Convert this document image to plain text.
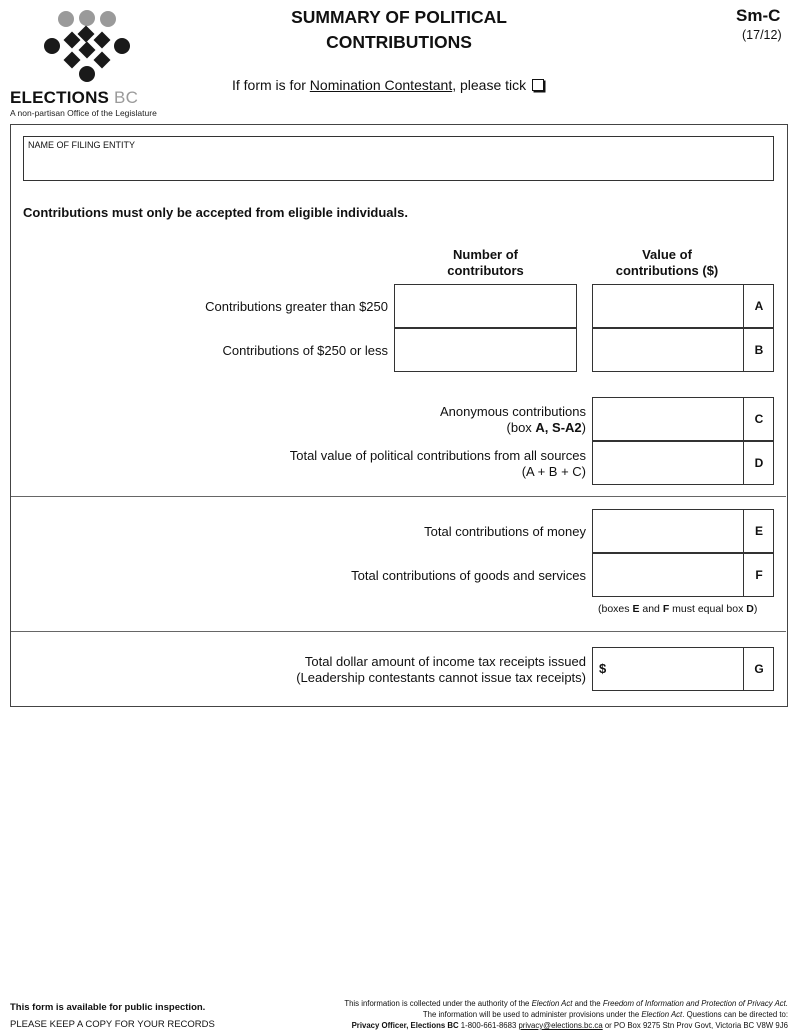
ELECTIONS BC
A non-partisan Office of the Legislature
SUMMARY OF POLITICAL
CONTRIBUTIONS
Sm-C
(17/12)
If form is for Nomination Contestant, please tick
NAME OF FILING ENTITY
Contributions must only be accepted from eligible individuals.
Number of
contributors
Value of
contributions ($)
Contributions greater than $250	A
Contributions of $250 or less	B
Anonymous contributions
(box A, S-A2)
C
Total value of political contributions from all sources
(A + B + C)
D
Total contributions of money	E
Total contributions of goods and services	F
(boxes E and F must equal box D)
Total dollar amount of income tax receipts issued
(Leadership contestants cannot issue tax receipts)
$	G
This form is available for public inspection.
PLEASE KEEP A COPY FOR YOUR RECORDS
This information is collected under the authority of the Election Act and the Freedom of Information and Protection of Privacy Act.
The information will be used to administer provisions under the Election Act. Questions can be directed to:
Privacy Officer, Elections BC 1-800-661-8683 privacy@elections.bc.ca or PO Box 9275 Stn Prov Govt, Victoria BC V8W 9J6
